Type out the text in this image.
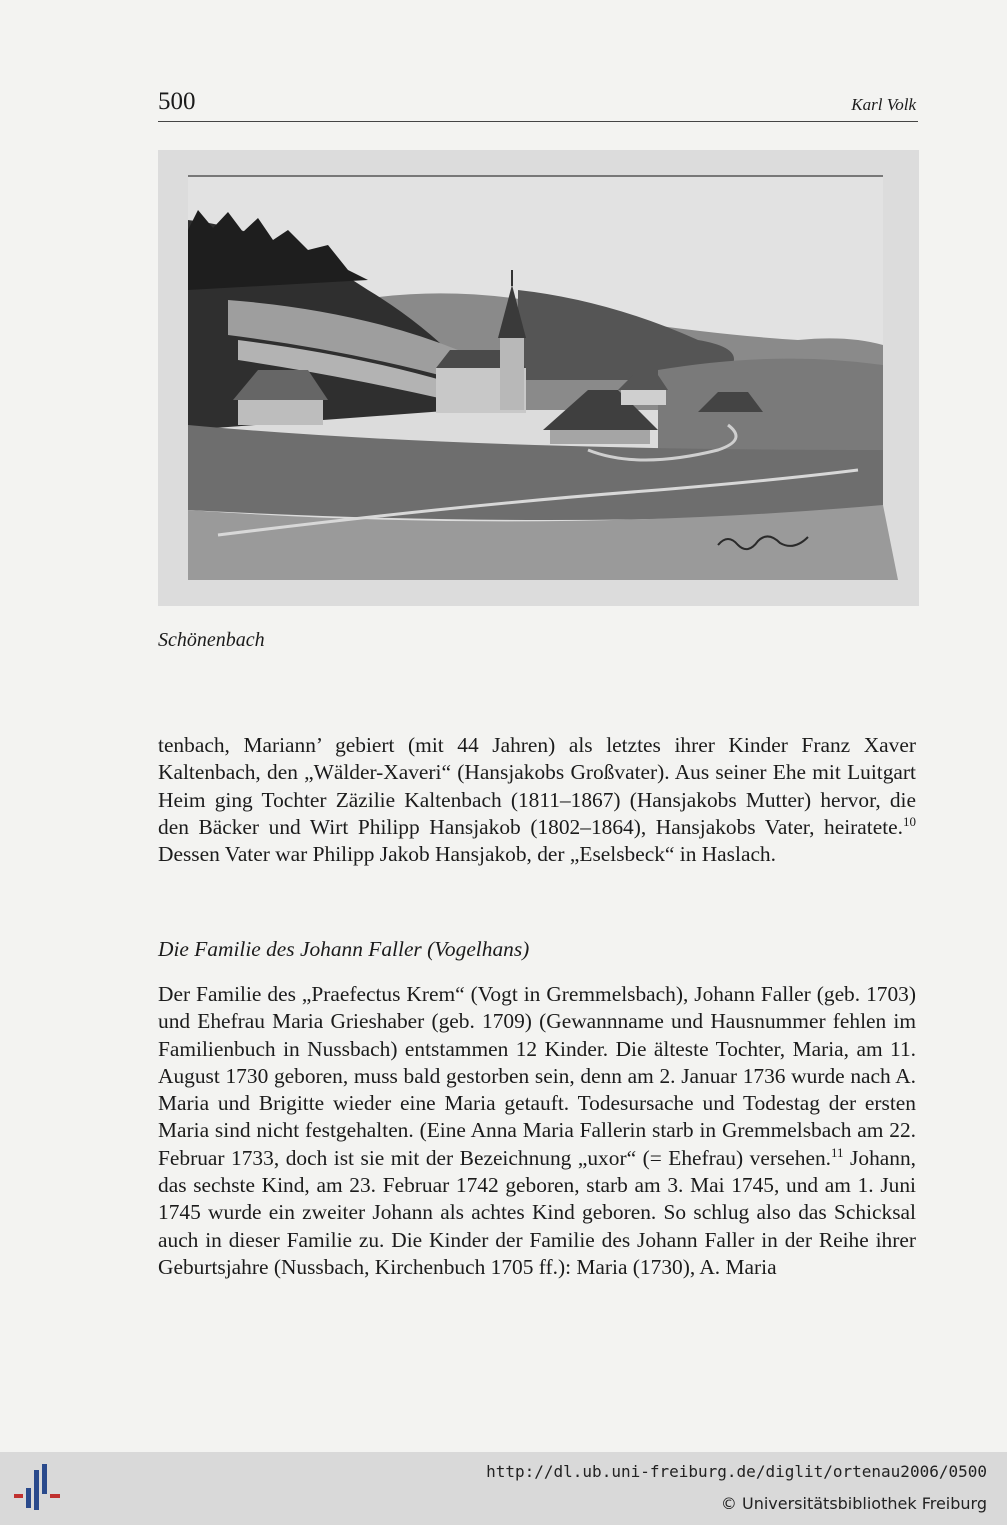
500	Karl Volk
Schönenbach

tenbach, Mariann’ gebiert (mit 44 Jahren) als letztes ihrer Kinder Franz Xaver Kaltenbach, den „Wälder-Xaveri“ (Hansjakobs Großvater). Aus seiner Ehe mit Luitgart Heim ging Tochter Zäzilie Kaltenbach (1811–1867) (Hansjakobs Mutter) hervor, die den Bäcker und Wirt Philipp Hansjakob (1802–1864), Hansjakobs Vater, heiratete.$^{10}$ Dessen Vater war Philipp Jakob Hansjakob, der „Eselsbeck“ in Haslach.

Die Familie des Johann Faller (Vogelhans)

Der Familie des „Praefectus Krem“ (Vogt in Gremmelsbach), Johann Faller (geb. 1703) und Ehefrau Maria Grieshaber (geb. 1709) (Gewannname und Hausnummer fehlen im Familienbuch in Nussbach) entstammen 12 Kinder. Die älteste Tochter, Maria, am 11. August 1730 geboren, muss bald gestorben sein, denn am 2. Januar 1736 wurde nach A. Maria und Brigitte wieder eine Maria getauft. Todesursache und Todestag der ersten Maria sind nicht festgehalten. (Eine Anna Maria Fallerin starb in Gremmelsbach am 22. Februar 1733, doch ist sie mit der Bezeichnung „uxor“ (= Ehefrau) versehen.$^{11}$ Johann, das sechste Kind, am 23. Februar 1742 geboren, starb am 3. Mai 1745, und am 1. Juni 1745 wurde ein zweiter Johann als achtes Kind geboren. So schlug also das Schicksal auch in dieser Familie zu. Die Kinder der Familie des Johann Faller in der Reihe ihrer Geburtsjahre (Nussbach, Kirchenbuch 1705 ff.): Maria (1730), A. Maria

http://dl.ub.uni-freiburg.de/diglit/ortenau2006/0500
© Universitätsbibliothek Freiburg
